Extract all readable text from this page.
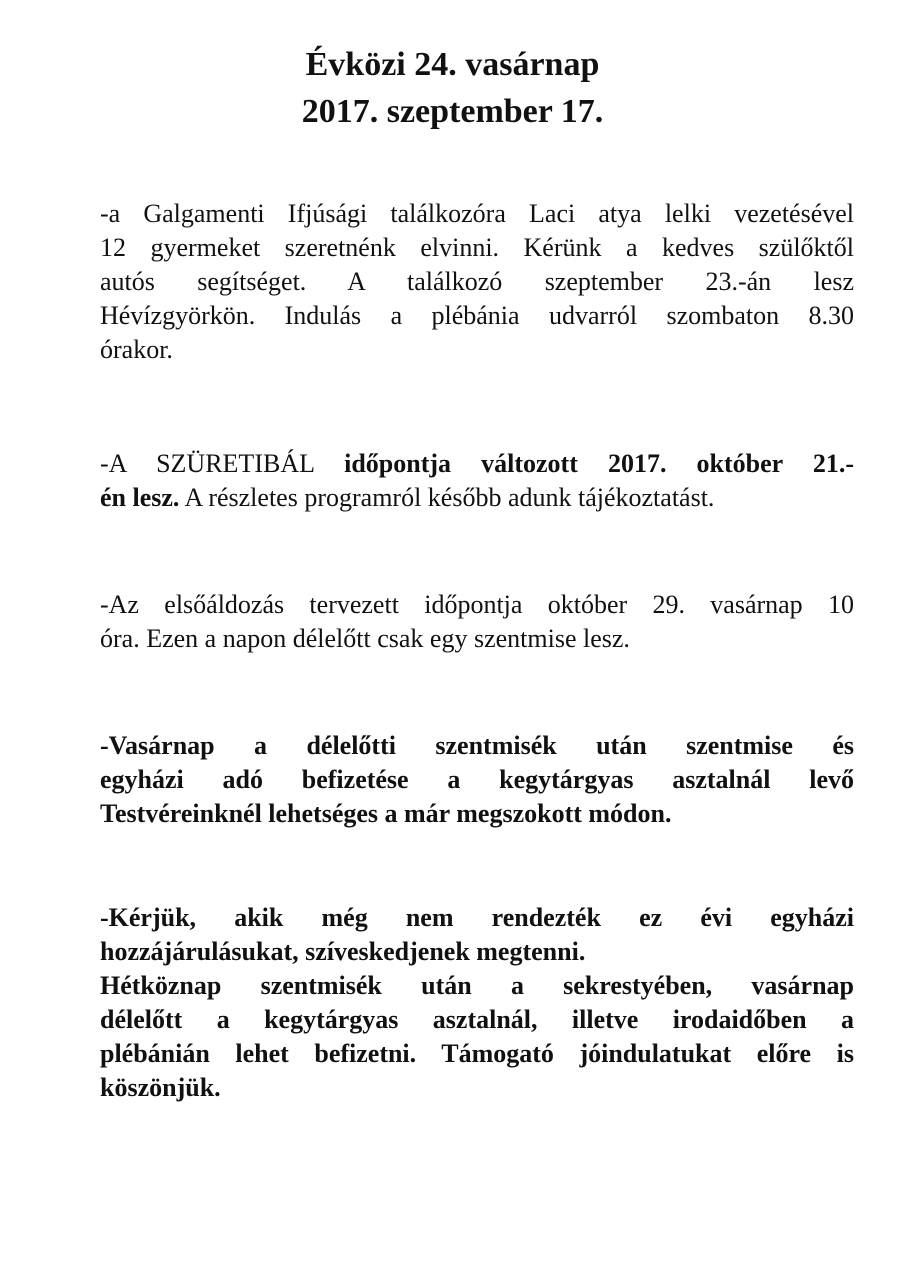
Évközi 24. vasárnap
2017. szeptember 17.
-a Galgamenti Ifjúsági találkozóra Laci atya lelki vezetésével
12 gyermeket szeretnénk elvinni. Kérünk a kedves szülőktől
autós segítséget. A találkozó szeptember 23.-án lesz
Hévízgyörkön. Indulás a plébánia udvarról szombaton 8.30
órakor.
-A SZÜRETIBÁL időpontja változott 2017. október 21.-
én lesz. A részletes programról később adunk tájékoztatást.
-Az elsőáldozás tervezett időpontja október 29. vasárnap 10
óra. Ezen a napon délelőtt csak egy szentmise lesz.
-Vasárnap a délelőtti szentmisék után szentmise és
egyházi adó befizetése a kegytárgyas asztalnál levő
Testvéreinknél lehetséges a már megszokott módon.
-Kérjük, akik még nem rendezték ez évi egyházi
hozzájárulásukat, szíveskedjenek megtenni.
Hétköznap szentmisék után a sekrestyében, vasárnap
délelőtt a kegytárgyas asztalnál, illetve irodaidőben a
plébánián lehet befizetni. Támogató jóindulatukat előre is
köszönjük.
